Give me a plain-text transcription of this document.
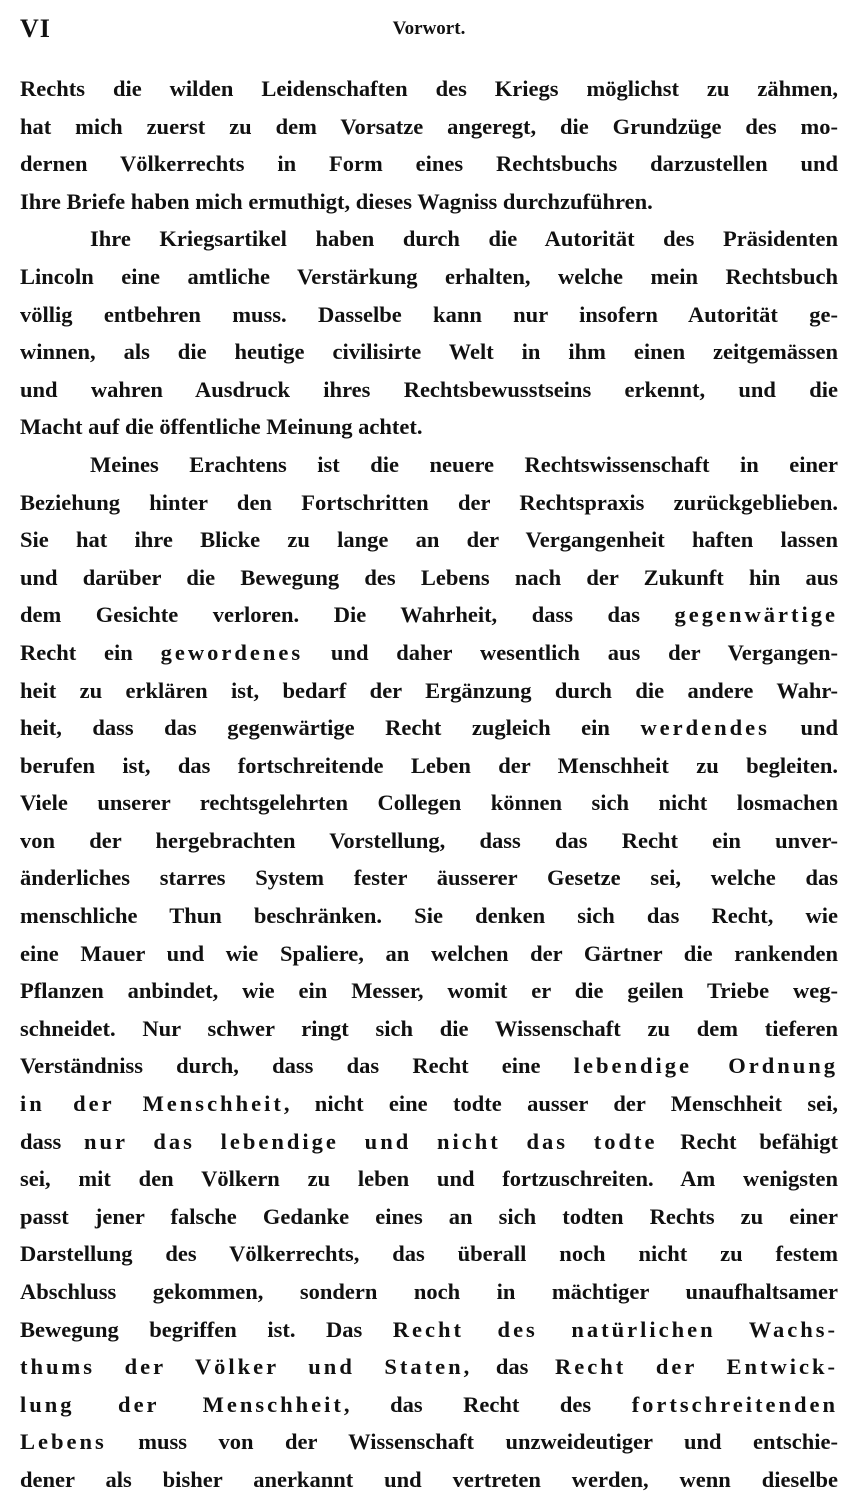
VI	Vorwort.
Rechts die wilden Leidenschaften des Kriegs möglichst zu zähmen,
hat mich zuerst zu dem Vorsatze angeregt, die Grundzüge des mo-
dernen Völkerrechts in Form eines Rechtsbuchs darzustellen und
Ihre Briefe haben mich ermuthigt, dieses Wagniss durchzuführen.
Ihre Kriegsartikel haben durch die Autorität des Präsidenten
Lincoln eine amtliche Verstärkung erhalten, welche mein Rechtsbuch
völlig entbehren muss. Dasselbe kann nur insofern Autorität ge-
winnen, als die heutige civilisirte Welt in ihm einen zeitgemässen
und wahren Ausdruck ihres Rechtsbewusstseins erkennt, und die
Macht auf die öffentliche Meinung achtet.
Meines Erachtens ist die neuere Rechtswissenschaft in einer
Beziehung hinter den Fortschritten der Rechtspraxis zurückgeblieben.
Sie hat ihre Blicke zu lange an der Vergangenheit haften lassen
und darüber die Bewegung des Lebens nach der Zukunft hin aus
dem Gesichte verloren. Die Wahrheit, dass das gegenwärtige
Recht ein gewordenes und daher wesentlich aus der Vergangen-
heit zu erklären ist, bedarf der Ergänzung durch die andere Wahr-
heit, dass das gegenwärtige Recht zugleich ein werdendes und
berufen ist, das fortschreitende Leben der Menschheit zu begleiten.
Viele unserer rechtsgelehrten Collegen können sich nicht losmachen
von der hergebrachten Vorstellung, dass das Recht ein unver-
änderliches starres System fester äusserer Gesetze sei, welche das
menschliche Thun beschränken. Sie denken sich das Recht, wie
eine Mauer und wie Spaliere, an welchen der Gärtner die rankenden
Pflanzen anbindet, wie ein Messer, womit er die geilen Triebe weg-
schneidet. Nur schwer ringt sich die Wissenschaft zu dem tieferen
Verständniss durch, dass das Recht eine lebendige Ordnung
in der Menschheit, nicht eine todte ausser der Menschheit sei,
dass nur das lebendige und nicht das todte Recht befähigt
sei, mit den Völkern zu leben und fortzuschreiten. Am wenigsten
passt jener falsche Gedanke eines an sich todten Rechts zu einer
Darstellung des Völkerrechts, das überall noch nicht zu festem
Abschluss gekommen, sondern noch in mächtiger unaufhaltsamer
Bewegung begriffen ist. Das Recht des natürlichen Wachs-
thums der Völker und Staten, das Recht der Entwick-
lung der Menschheit, das Recht des fortschreitenden
Lebens muss von der Wissenschaft unzweideutiger und entschie-
dener als bisher anerkannt und vertreten werden, wenn dieselbe
